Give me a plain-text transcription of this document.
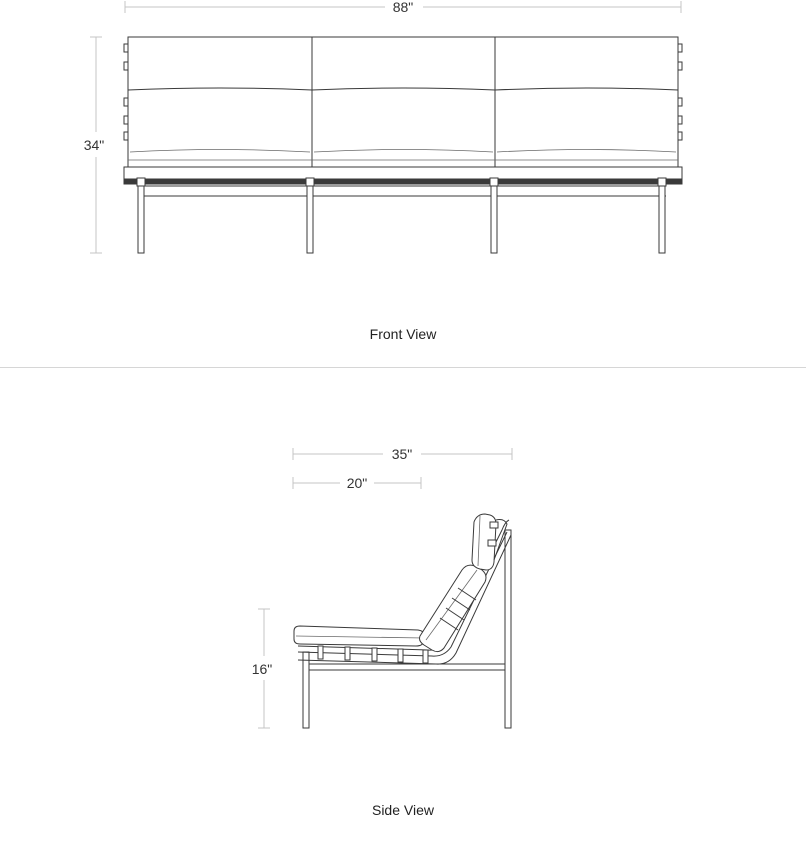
88"
34"
Front View
35"
20"
16"
Side View
